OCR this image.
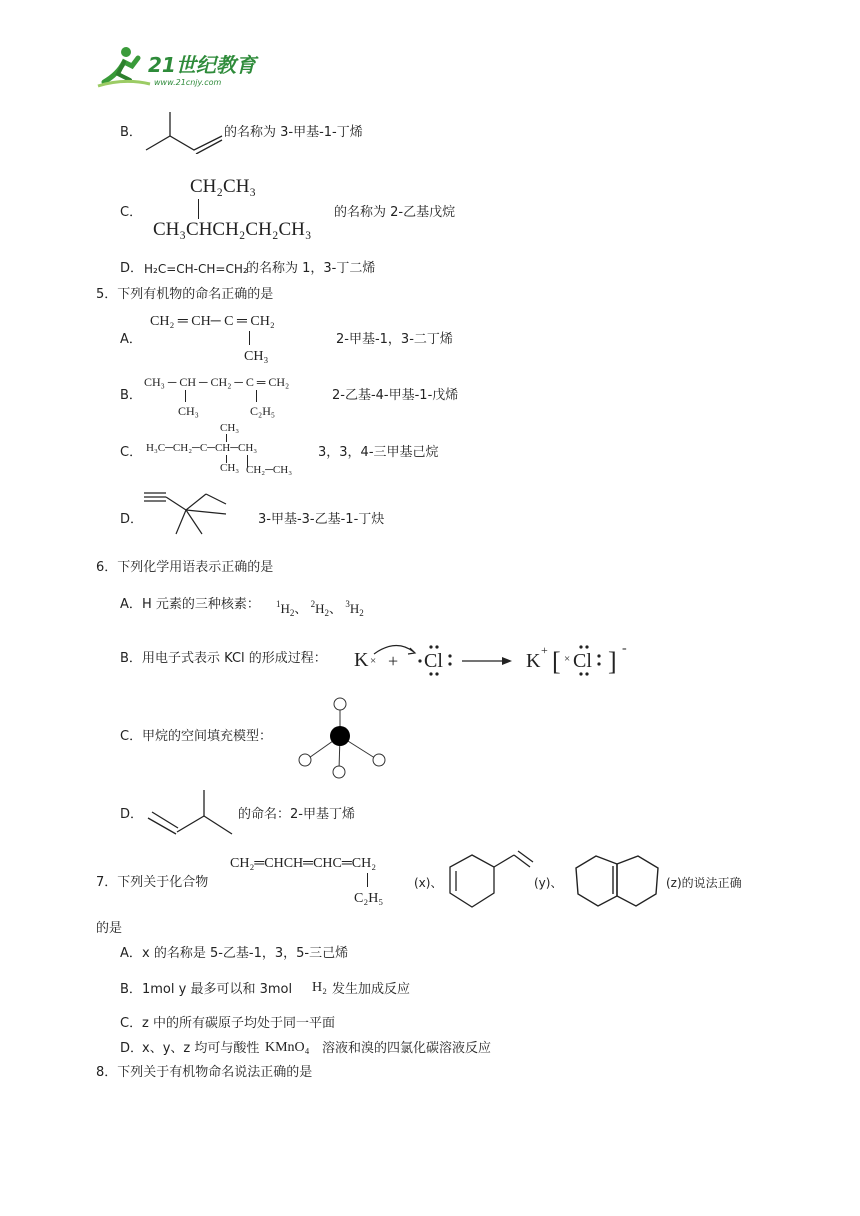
21世纪教育
www.21cnjy.com
B．	的名称为 3-甲基-1-丁烯
C．
CH₂CH₃
CH₃CHCH₂CH₂CH₃
的名称为 2-乙基戊烷
D． H₂C=CH-CH=CH₂
的名称为 1，3-丁二烯
5．下列有机物的命名正确的是
A．
CH₂ ═ CH─ C ═ CH₂
CH₃
2-甲基-1，3-二丁烯
B．
CH₃ ─ CH ─ CH₂ ─ C ═ CH₂
CH₃	C₂H₅
2-乙基-4-甲基-1-戊烯
C．
CH₃
H₃C─CH₂─C─CH─CH₃
CH₃ CH₂─CH₃
3，3，4-三甲基己烷
D．	3-甲基-3-乙基-1-丁炔
6．下列化学用语表示正确的是
A． H 元素的三种核素： $^1H_2$、 $^2H_2$、 $^3H_2$
B． 用电子式表示 KCl 的形成过程： K × + Cl	K + [ × Cl ] -
C． 甲烷的空间填充模型：
D．	的命名：2-甲基丁烯
7．下列关于化合物
CH₂═CHCH═CHC═CH₂
C₂H₅
(x)、	(y)、	(z)的说法正确
的是
A． x 的名称是 5-乙基-1，3，5-三己烯
B． 1mol y 最多可以和 3mol H₂ 发生加成反应
C． z 中的所有碳原子均处于同一平面
D．
x、y、z 均可与酸性 KMnO₄ 溶液和溴的四氯化碳溶液反应
8．下列关于有机物命名说法正确的是
